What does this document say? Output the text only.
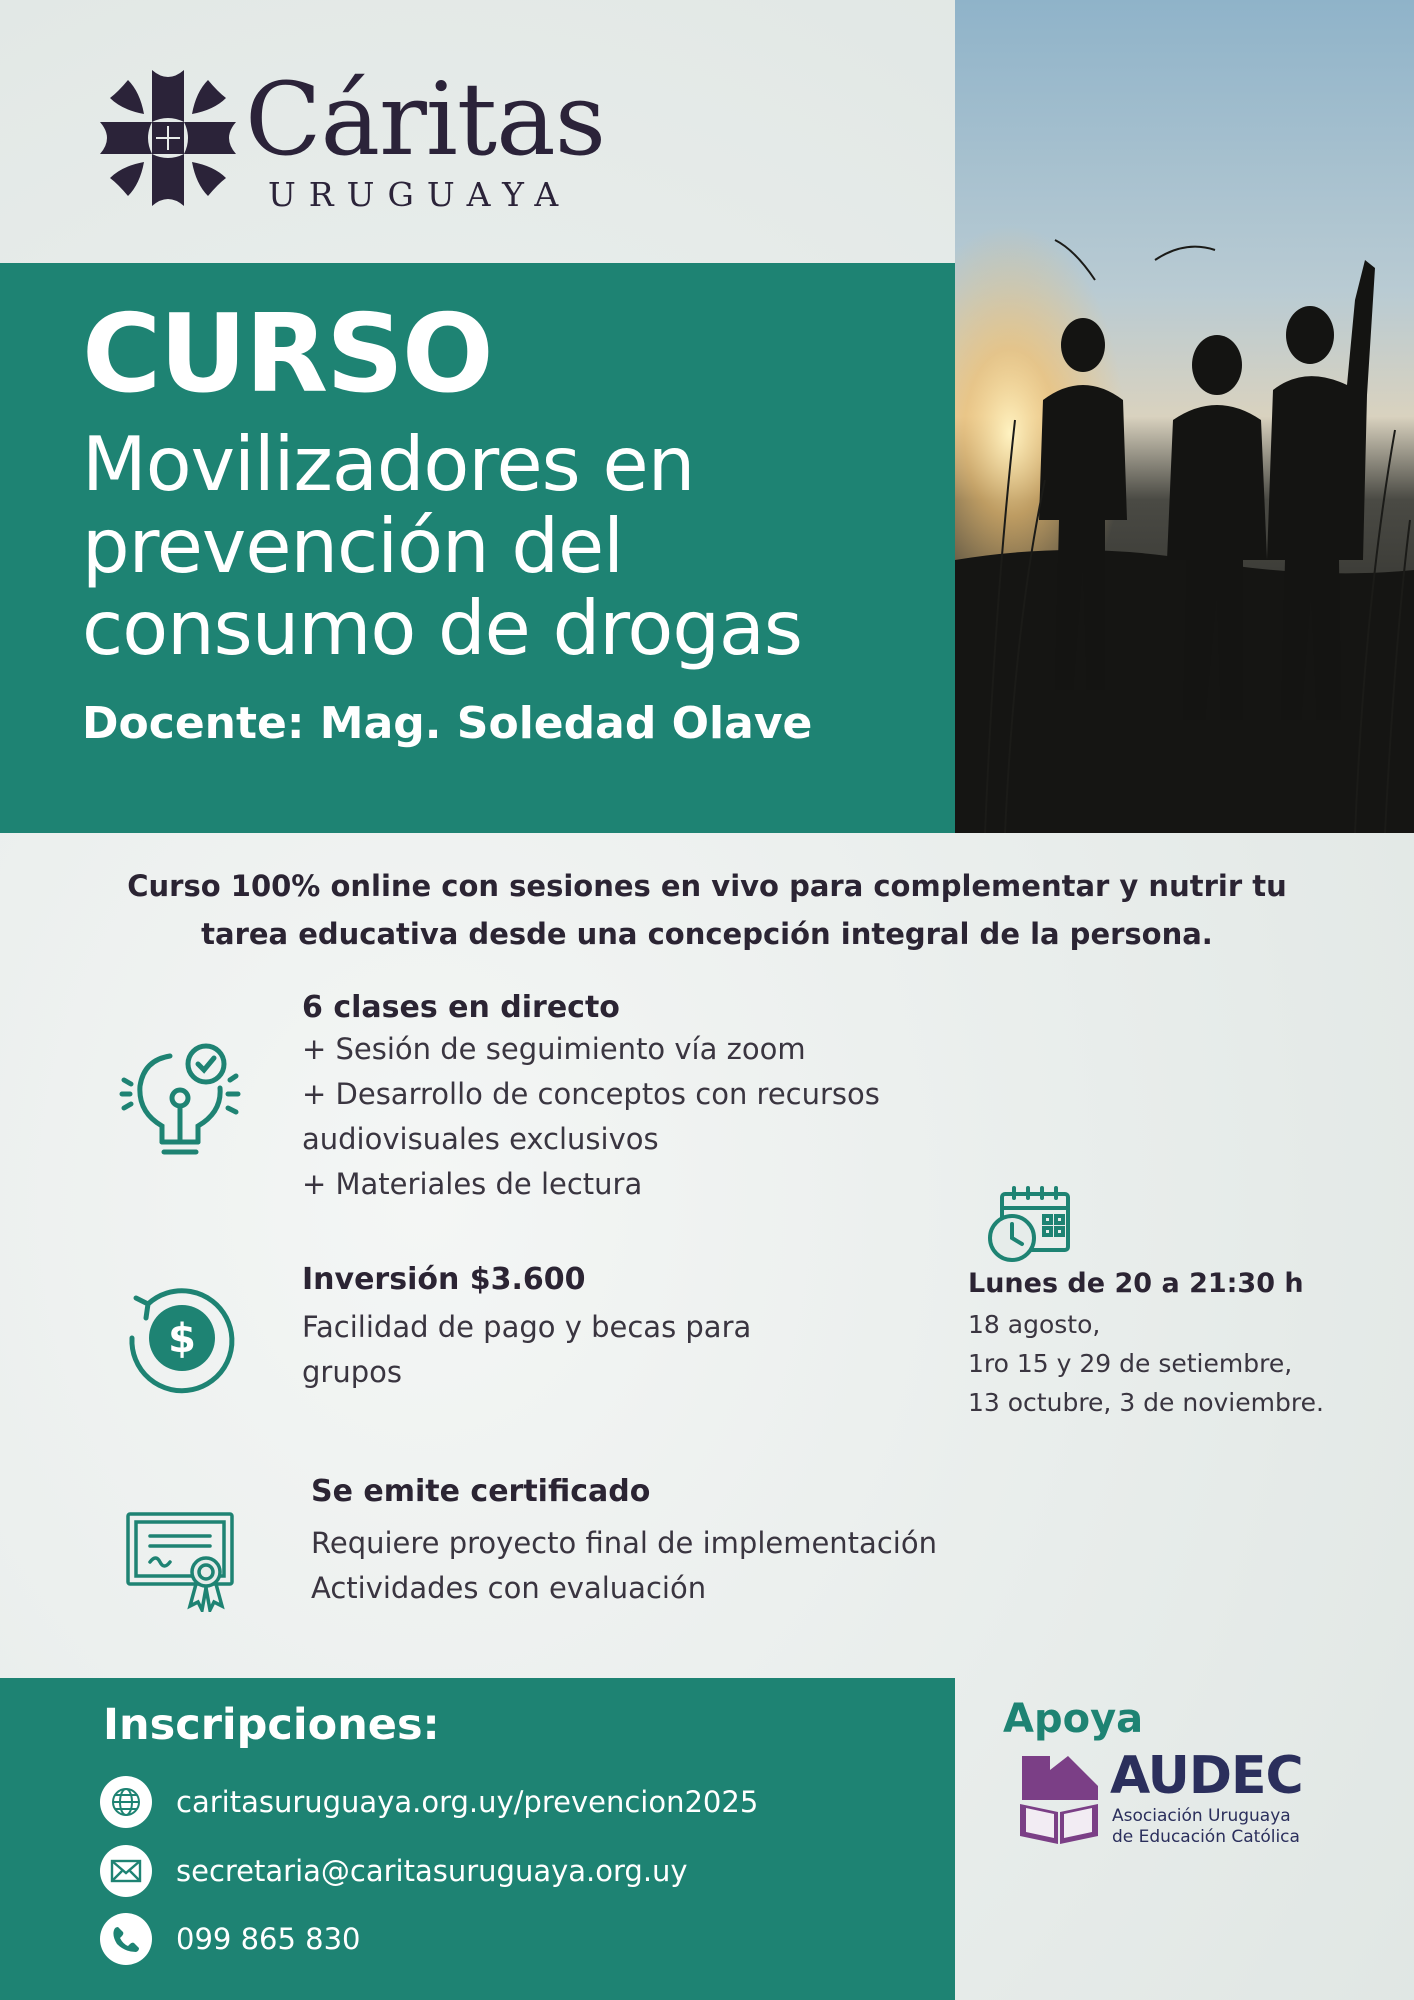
Cáritas
URUGUAYA
CURSO
Movilizadores en
prevención del
consumo de drogas
Docente: Mag. Soledad Olave
Curso 100% online con sesiones en vivo para complementar y nutrir tu
tarea educativa desde una concepción integral de la persona.
6 clases en directo
+ Sesión de seguimiento vía zoom
+ Desarrollo de conceptos con recursos
audiovisuales exclusivos
+ Materiales de lectura
$
Inversión $3.600
Facilidad de pago y becas para
grupos
Lunes de 20 a 21:30 h
18 agosto,
1ro 15 y 29 de setiembre,
13 octubre, 3 de noviembre.
Se emite certificado
Requiere proyecto final de implementación
Actividades con evaluación
Inscripciones:
caritasuruguaya.org.uy/prevencion2025
secretaria@caritasuruguaya.org.uy
099 865 830
Apoya
AUDEC
Asociación Uruguaya
de Educación Católica
